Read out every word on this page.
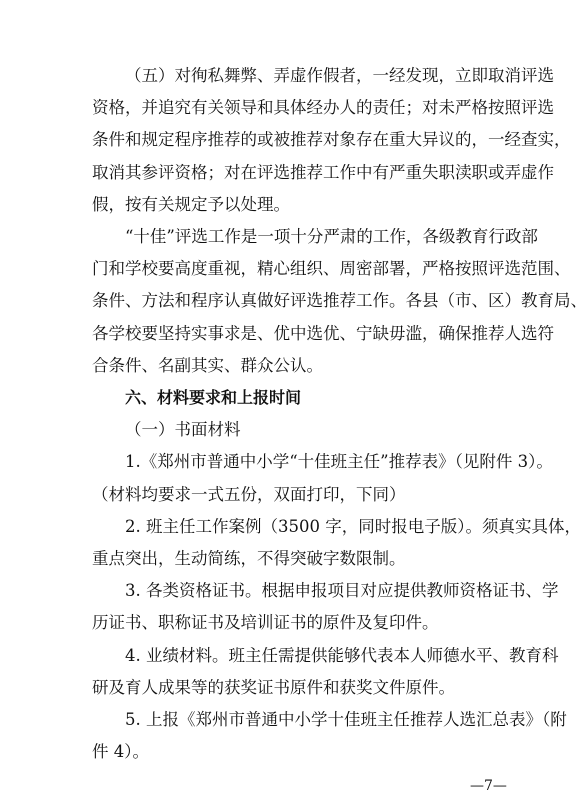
（五）对徇私舞弊、弄虚作假者，一经发现，立即取消评选
资格，并追究有关领导和具体经办人的责任；对未严格按照评选
条件和规定程序推荐的或被推荐对象存在重大异议的，一经查实，
取消其参评资格；对在评选推荐工作中有严重失职渎职或弄虚作
假，按有关规定予以处理。
“十佳”评选工作是一项十分严肃的工作，各级教育行政部
门和学校要高度重视，精心组织、周密部署，严格按照评选范围、
条件、方法和程序认真做好评选推荐工作。各县（市、区）教育局、
各学校要坚持实事求是、优中选优、宁缺毋滥，确保推荐人选符
合条件、名副其实、群众公认。
六、材料要求和上报时间
（一）书面材料
1.《郑州市普通中小学“十佳班主任”推荐表》（见附件 3）。
（材料均要求一式五份，双面打印，下同）
2. 班主任工作案例（3500 字，同时报电子版）。须真实具体，
重点突出，生动简练，不得突破字数限制。
3. 各类资格证书。根据申报项目对应提供教师资格证书、学
历证书、职称证书及培训证书的原件及复印件。
4. 业绩材料。班主任需提供能够代表本人师德水平、教育科
研及育人成果等的获奖证书原件和获奖文件原件。
5. 上报《郑州市普通中小学十佳班主任推荐人选汇总表》（附
件 4）。
—7—
